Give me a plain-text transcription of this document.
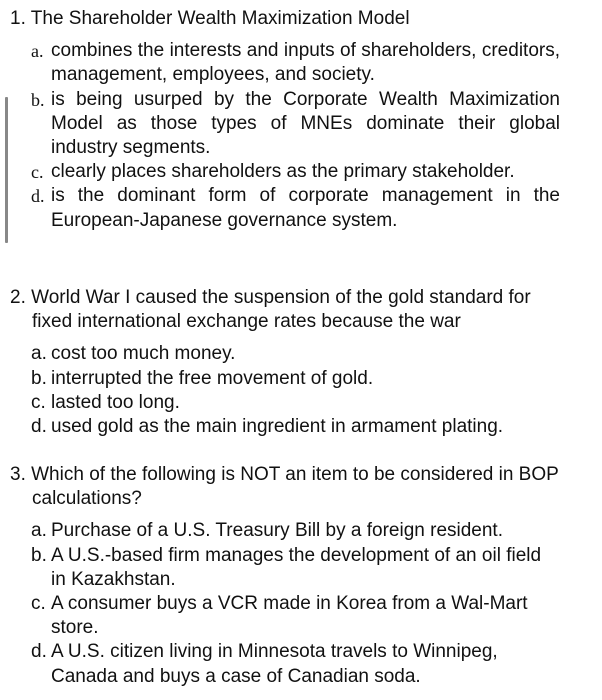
1. The Shareholder Wealth Maximization Model

a. combines the interests and inputs of shareholders, creditors, management, employees, and society.
b. is being usurped by the Corporate Wealth Maximization Model as those types of MNEs dominate their global industry segments.
c. clearly places shareholders as the primary stakeholder.
d. is the dominant form of corporate management in the European-Japanese governance system.

2. World War I caused the suspension of the gold standard for fixed international exchange rates because the war

a. cost too much money.
b. interrupted the free movement of gold.
c. lasted too long.
d. used gold as the main ingredient in armament plating.

3. Which of the following is NOT an item to be considered in BOP calculations?

a. Purchase of a U.S. Treasury Bill by a foreign resident.
b. A U.S.-based firm manages the development of an oil field in Kazakhstan.
c. A consumer buys a VCR made in Korea from a Wal-Mart store.
d. A U.S. citizen living in Minnesota travels to Winnipeg, Canada and buys a case of Canadian soda.
